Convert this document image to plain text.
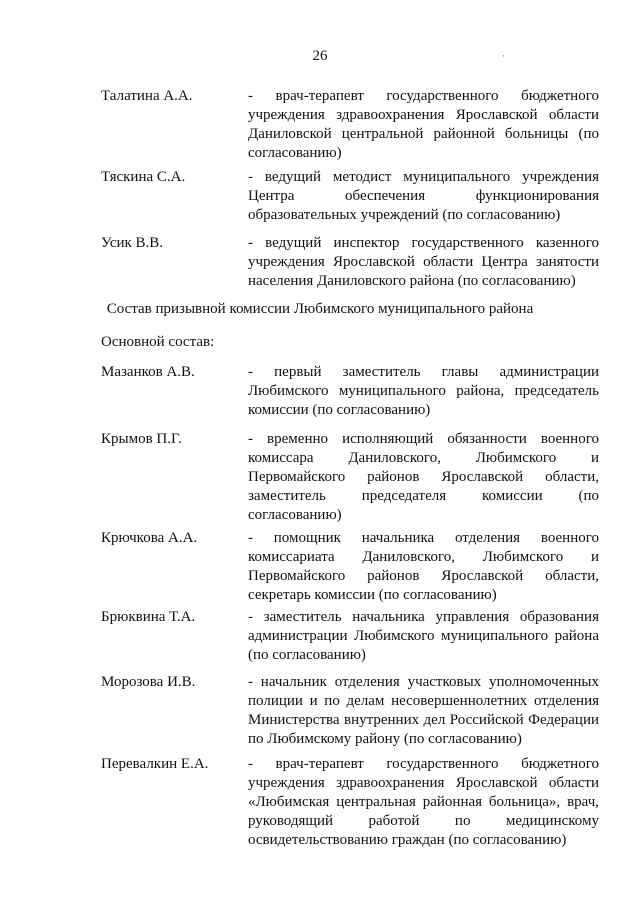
26	·
Талатина А.А.	- врач-терапевт государственного бюджетного учреждения здравоохранения Ярославской области Даниловской центральной районной больницы (по согласованию)
Тяскина С.А.	- ведущий методист муниципального учреждения Центра обеспечения функционирования образовательных учреждений (по согласованию)
Усик В.В.	- ведущий инспектор государственного казенного учреждения Ярославской области Центра занятости населения Даниловского района (по согласованию)
Состав призывной комиссии Любимского муниципального района
Основной состав:
Мазанков А.В.	- первый заместитель главы администрации Любимского муниципального района, председатель комиссии (по согласованию)
Крымов П.Г.	- временно исполняющий обязанности военного комиссара Даниловского, Любимского и Первомайского районов Ярославской области, заместитель председателя комиссии (по согласованию)
Крючкова А.А.	- помощник начальника отделения военного комиссариата Даниловского, Любимского и Первомайского районов Ярославской области, секретарь комиссии (по согласованию)
Брюквина Т.А.	- заместитель начальника управления образования администрации Любимского муниципального района (по согласованию)
Морозова И.В.	- начальник отделения участковых уполномоченных полиции и по делам несовершеннолетних отделения Министерства внутренних дел Российской Федерации по Любимскому району (по согласованию)
Перевалкин Е.А.	- врач-терапевт государственного бюджетного учреждения здравоохранения Ярославской области «Любимская центральная районная больница», врач, руководящий работой по медицинскому освидетельствованию граждан (по согласованию)
